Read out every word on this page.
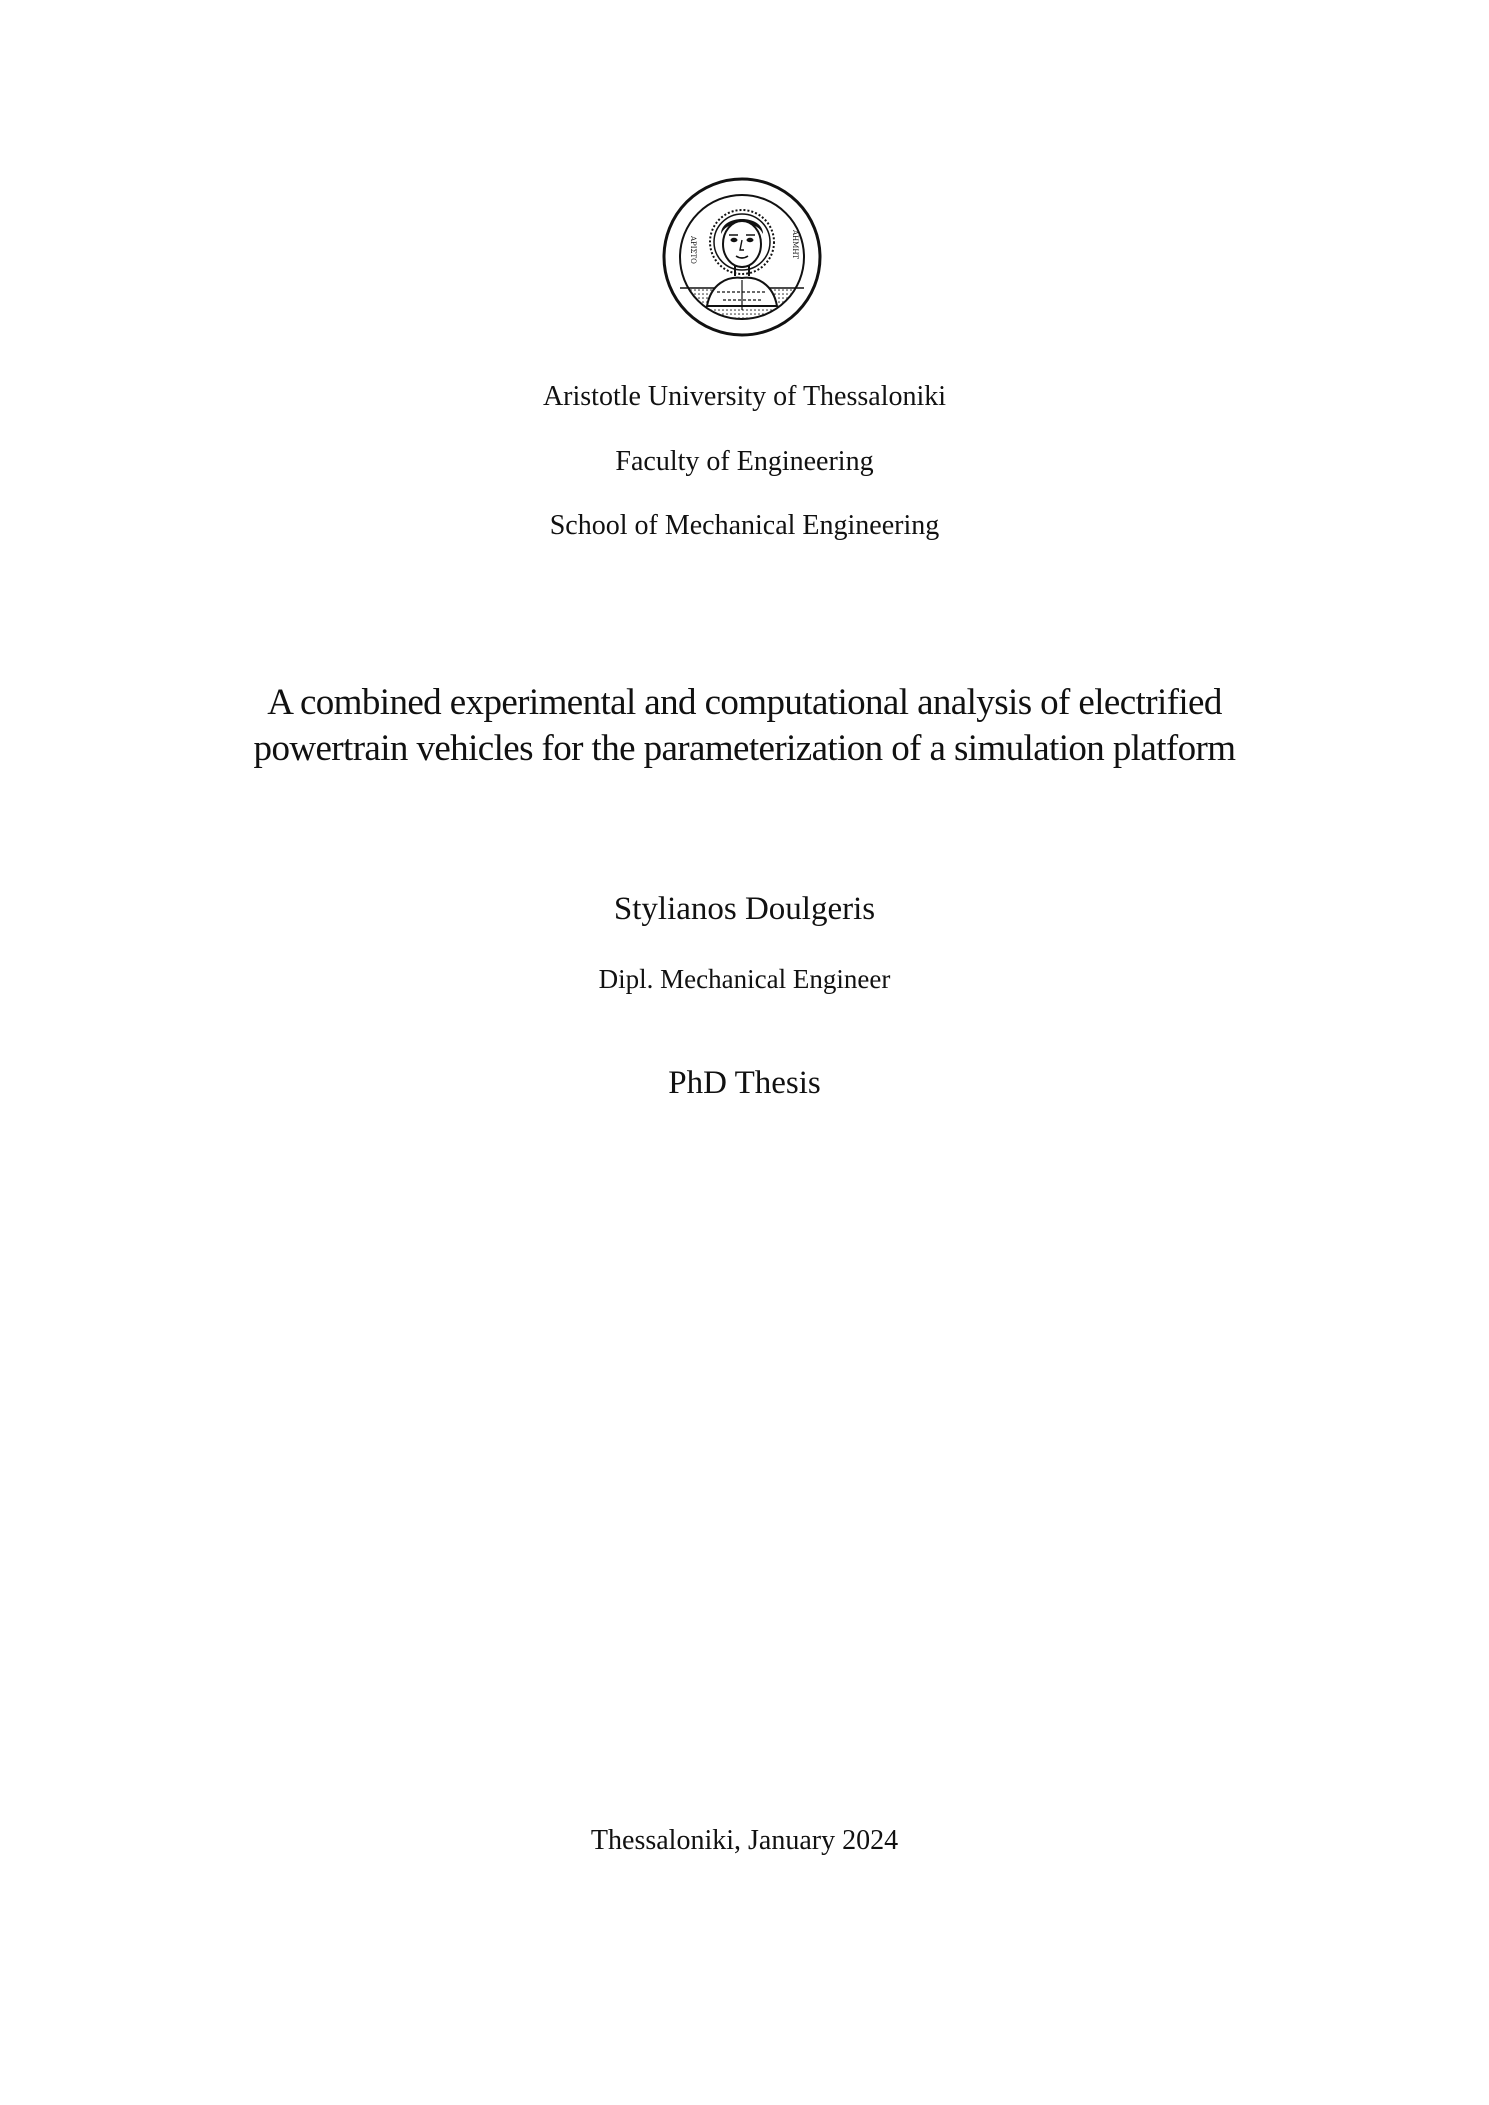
ΑΡΙΣΤΟ	ΑΗΜΗΤ
Aristotle University of Thessaloniki
Faculty of Engineering
School of Mechanical Engineering
A combined experimental and computational analysis of electrified
powertrain vehicles for the parameterization of a simulation platform
Stylianos Doulgeris
Dipl. Mechanical Engineer
PhD Thesis
Thessaloniki, January 2024
